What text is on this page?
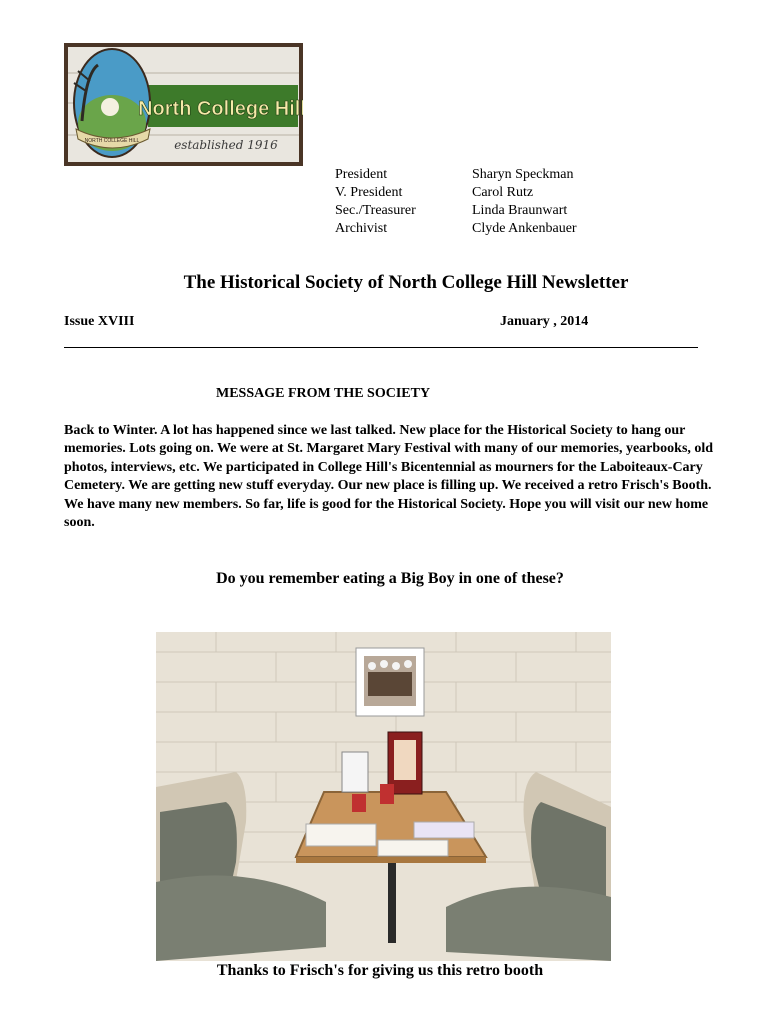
NORTH COLLEGE HILL
North College Hill
established 1916
President	Sharyn Speckman
V. President	Carol Rutz
Sec./Treasurer	Linda Braunwart
Archivist	Clyde Ankenbauer
The Historical Society of North College Hill Newsletter
Issue XVIII	January , 2014
MESSAGE FROM THE SOCIETY
Back to Winter. A lot has happened since we last talked. New place for the Historical Society to hang our memories. Lots going on. We were at St. Margaret Mary Festival with many of our memories, yearbooks, old photos, interviews, etc. We participated in College Hill's Bicentennial as mourners for the Laboiteaux-Cary Cemetery. We are getting new stuff everyday. Our new place is filling up. We received a retro Frisch's Booth. We have many new members. So far, life is good for the Historical Society. Hope you will visit our new home soon.
Do you remember eating a Big Boy in one of these?
Thanks to Frisch's for giving us this retro booth
